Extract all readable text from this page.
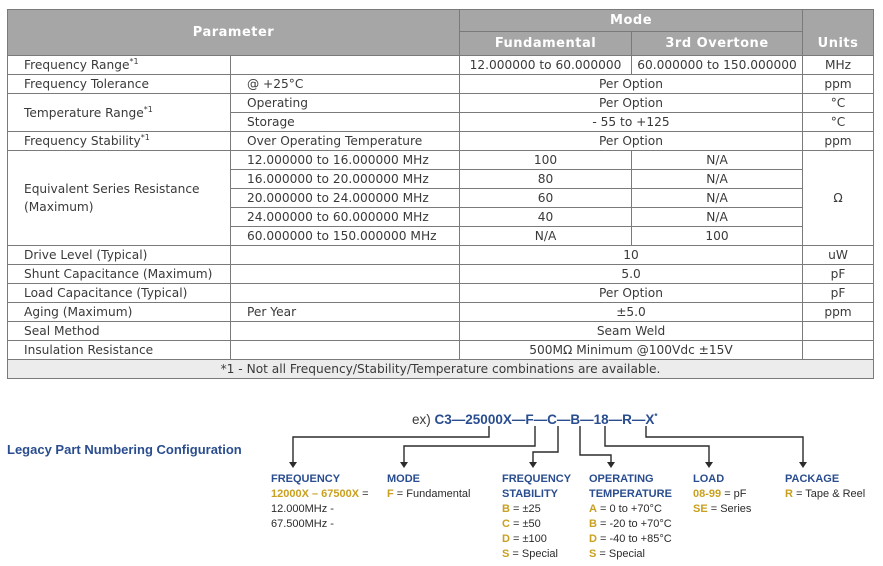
Parameter		Mode		Units
		Fundamental	3rd Overtone	
Frequency Range$^{*1}$		12.000000 to 60.000000	60.000000 to 150.000000	MHz
Frequency Tolerance	@ +25°C	Per Option		ppm
Temperature Range$^{*1}$	Operating	Per Option		°C
	Storage	- 55 to +125		°C
Frequency Stability$^{*1}$	Over Operating Temperature	Per Option		ppm
Equivalent Series Resistance
(Maximum)	12.000000 to 16.000000 MHz	100	N/A	Ω
	16.000000 to 20.000000 MHz	80	N/A	
	20.000000 to 24.000000 MHz	60	N/A	
	24.000000 to 60.000000 MHz	40	N/A	
	60.000000 to 150.000000 MHz	N/A	100	
Drive Level (Typical)		10		uW
Shunt Capacitance (Maximum)		5.0		pF
Load Capacitance (Typical)		Per Option		pF
Aging (Maximum)	Per Year	±5.0		ppm
Seal Method		Seam Weld		
Insulation Resistance		500MΩ Minimum @100Vdc ±15V		
*1 - Not all Frequency/Stability/Temperature combinations are available.				
ex) C3—25000X—F—C—B—18—R—X*
Legacy Part Numbering Configuration
FREQUENCY
12000X – 67500X =
12.000MHz -
67.500MHz -
MODE
F = Fundamental
FREQUENCY
STABILITY
B = ±25
C = ±50
D = ±100
S = Special
OPERATING
TEMPERATURE
A = 0 to +70°C
B = -20 to +70°C
D = -40 to +85°C
S = Special
LOAD
08-99 = pF
SE = Series
PACKAGE
R = Tape & Reel
